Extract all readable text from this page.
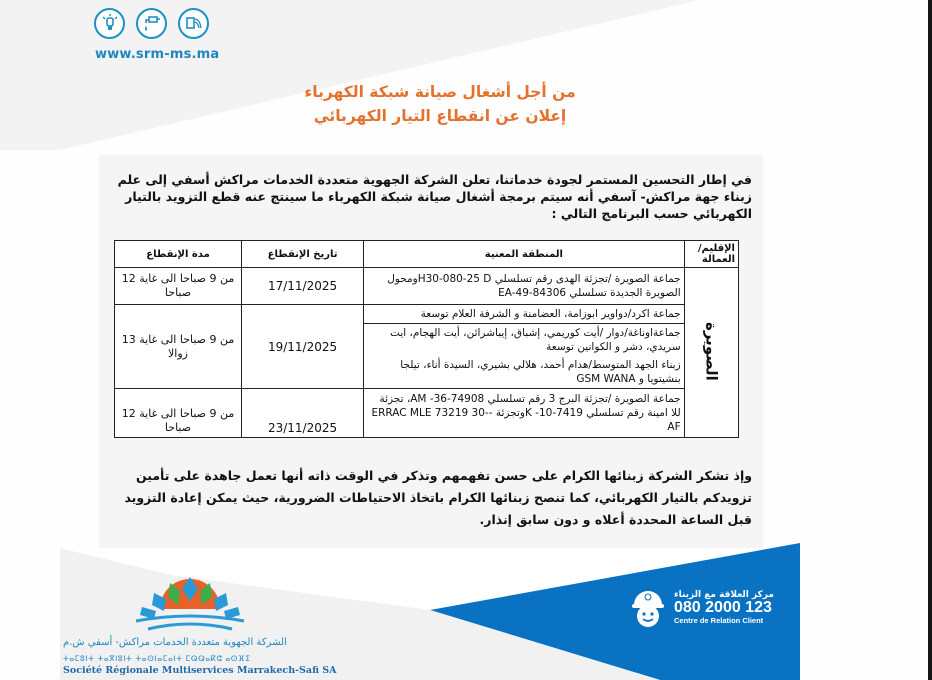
www.srm-ms.ma
من أجل أشغال صيانة شبكة الكهرباء
إعلان عن انقطاع التيار الكهربائي
في إطار التحسين المستمر لجودة خدماتنا، تعلن الشركة الجهوية متعددة الخدمات مراكش أسفي إلى علم زبناء جهة مراكش- آسفي أنه سيتم برمجة أشغال صيانة شبكة الكهرباء ما سينتج عنه قطع التزويد بالتيار الكهربائي حسب البرنامج التالي :
الإقليم/العمالة	المنطقة المعنية	تاريخ الإنقطاع	مدة الإنقطاع
الصويرة	جماعة الصويرة /تجزئة الهدى رقم تسلسلي H30-080-25 Dومحول الصويرة الجديدة تسلسلي EA-49-84306	17/11/2025	من 9 صباحا الى غاية 12 صباحا
	جماعة اكرد/دواوير ابوزامة، العضامنة و الشرفة العلام توسعة	19/11/2025	من 9 صباحا الى غاية 13 زوالا
	جماعةاوناغة/دوار /أيت كوريمي، إشباق، إيباشرائن، أيت الهجام، ايت سريدي، دشر و الكوانين توسعة		
	زبناء الجهد المتوسط/هدام أحمد، هلالي بشيري، السيدة أناء، تيلجا بنشيتويا و GSM WANA		
	جماعة الصويرة /تجزئة البرج 3 رقم تسلسلي 74908-36- AM، تجزئة للا امينة رقم تسلسلي 7419-10- Kوتجزئة -ERRAC MLE 73219 30-AF	23/11/2025	من 9 صباحا الى غاية 12 صباحا
وإذ تشكر الشركة زبنائها الكرام على حسن تفهمهم وتذكر في الوقت ذاته أنها تعمل جاهدة على تأمين تزويدكم بالتيار الكهربائي، كما تنصح زبنائها الكرام باتخاذ الاحتياطات الضرورية، حيث يمكن إعادة التزويد قبل الساعة المحددة أعلاه و دون سابق إنذار.
الشركة الجهوية متعددة الخدمات مراكش- أسفي ش.م
ⵜⴰⵎⵓⵏⵜ ⵜⴰⴳⵏⵓⵏⵜ ⵜⴰⵙⵏⴰⵎⴰⵏⵜ ⵎⵕⵕⴰⴽⵛ ⴰⵙⴼⵉ
Société Régionale Multiservices Marrakech-Safi SA
مركز العلاقة مع الزبناء
080 2000 123
Centre de Relation Client
